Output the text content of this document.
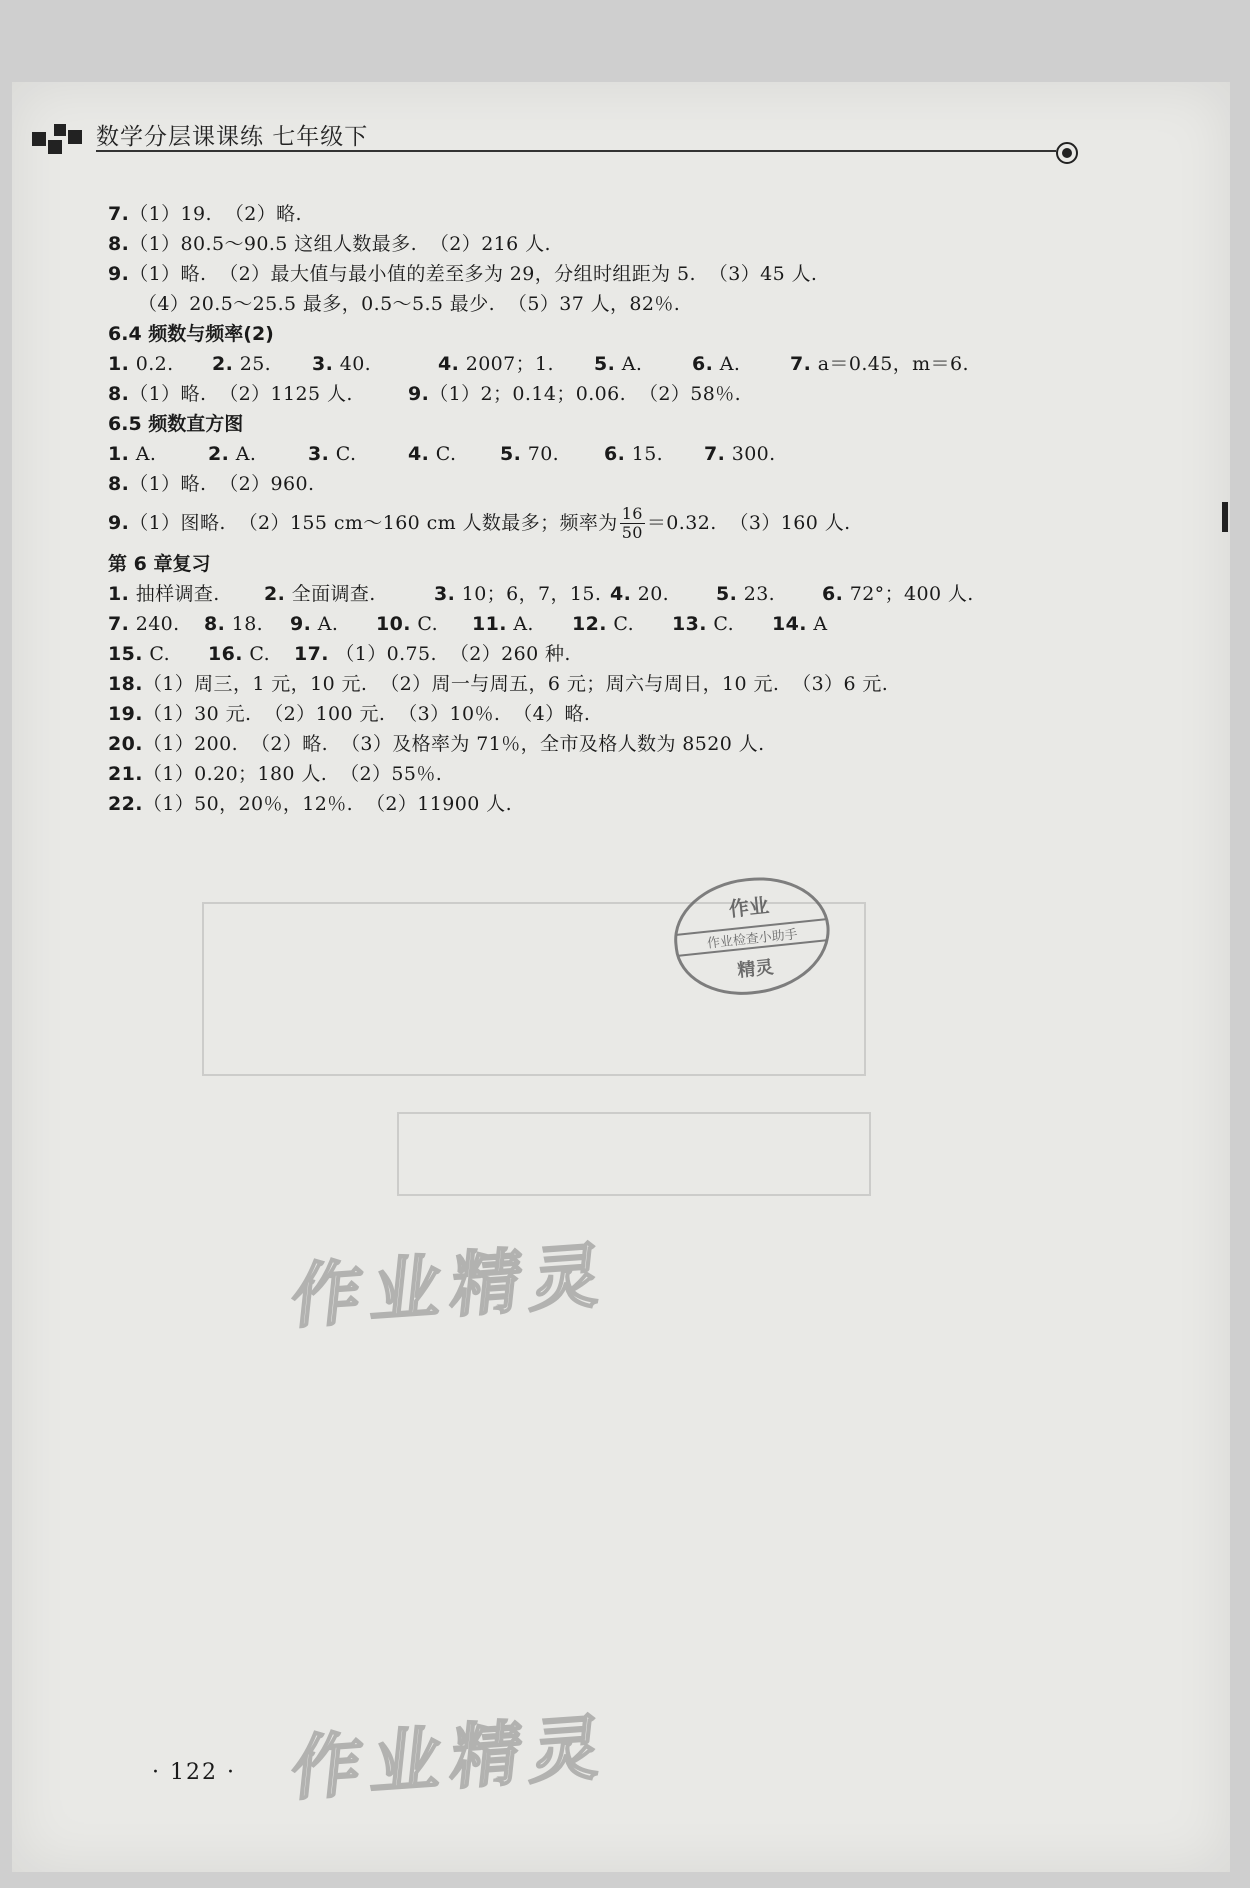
数学分层课课练 七年级下
7.（1）19.  （2）略.
8.（1）80.5～90.5 这组人数最多.  （2）216 人.
9.（1）略.  （2）最大值与最小值的差至多为 29，分组时组距为 5.  （3）45 人.
（4）20.5～25.5 最多，0.5～5.5 最少.  （5）37 人，82％.
6.4 频数与频率(2)
1. 0.2.	2. 25.	3. 40.	4. 2007；1.	5. A.	6. A.	7. a＝0.45，m＝6.
8.（1）略.  （2）1125 人.	9.（1）2；0.14；0.06.  （2）58％.
6.5 频数直方图
1. A.	2. A.	3. C.	4. C.	5. 70.	6. 15.	7. 300.
8.（1）略.  （2）960.
9. （1）图略.  （2）155 cm～160 cm 人数最多；频率为 $\frac{16}{50} =0.32$.  （3）160 人.
第 6 章复习
1. 抽样调查.	2. 全面调查.	3. 10；6，7，15. 4. 20.	5. 23.	6. 72°；400 人.
7. 240.	8. 18.	9. A.	10. C.	11. A.	12. C.	13. C.	14. A
15. C.	16. C.	17. （1）0.75.  （2）260 种.
18.（1）周三，1 元，10 元.  （2）周一与周五，6 元；周六与周日，10 元.  （3）6 元.
19.（1）30 元.  （2）100 元.  （3）10％.  （4）略.
20.（1）200.  （2）略.  （3）及格率为 71％，全市及格人数为 8520 人.
21.（1）0.20；180 人.  （2）55％.
22.（1）50，20％，12％.  （2）11900 人.
作业
作业检查小助手
精灵
作业精灵
作业精灵
· 122 ·
